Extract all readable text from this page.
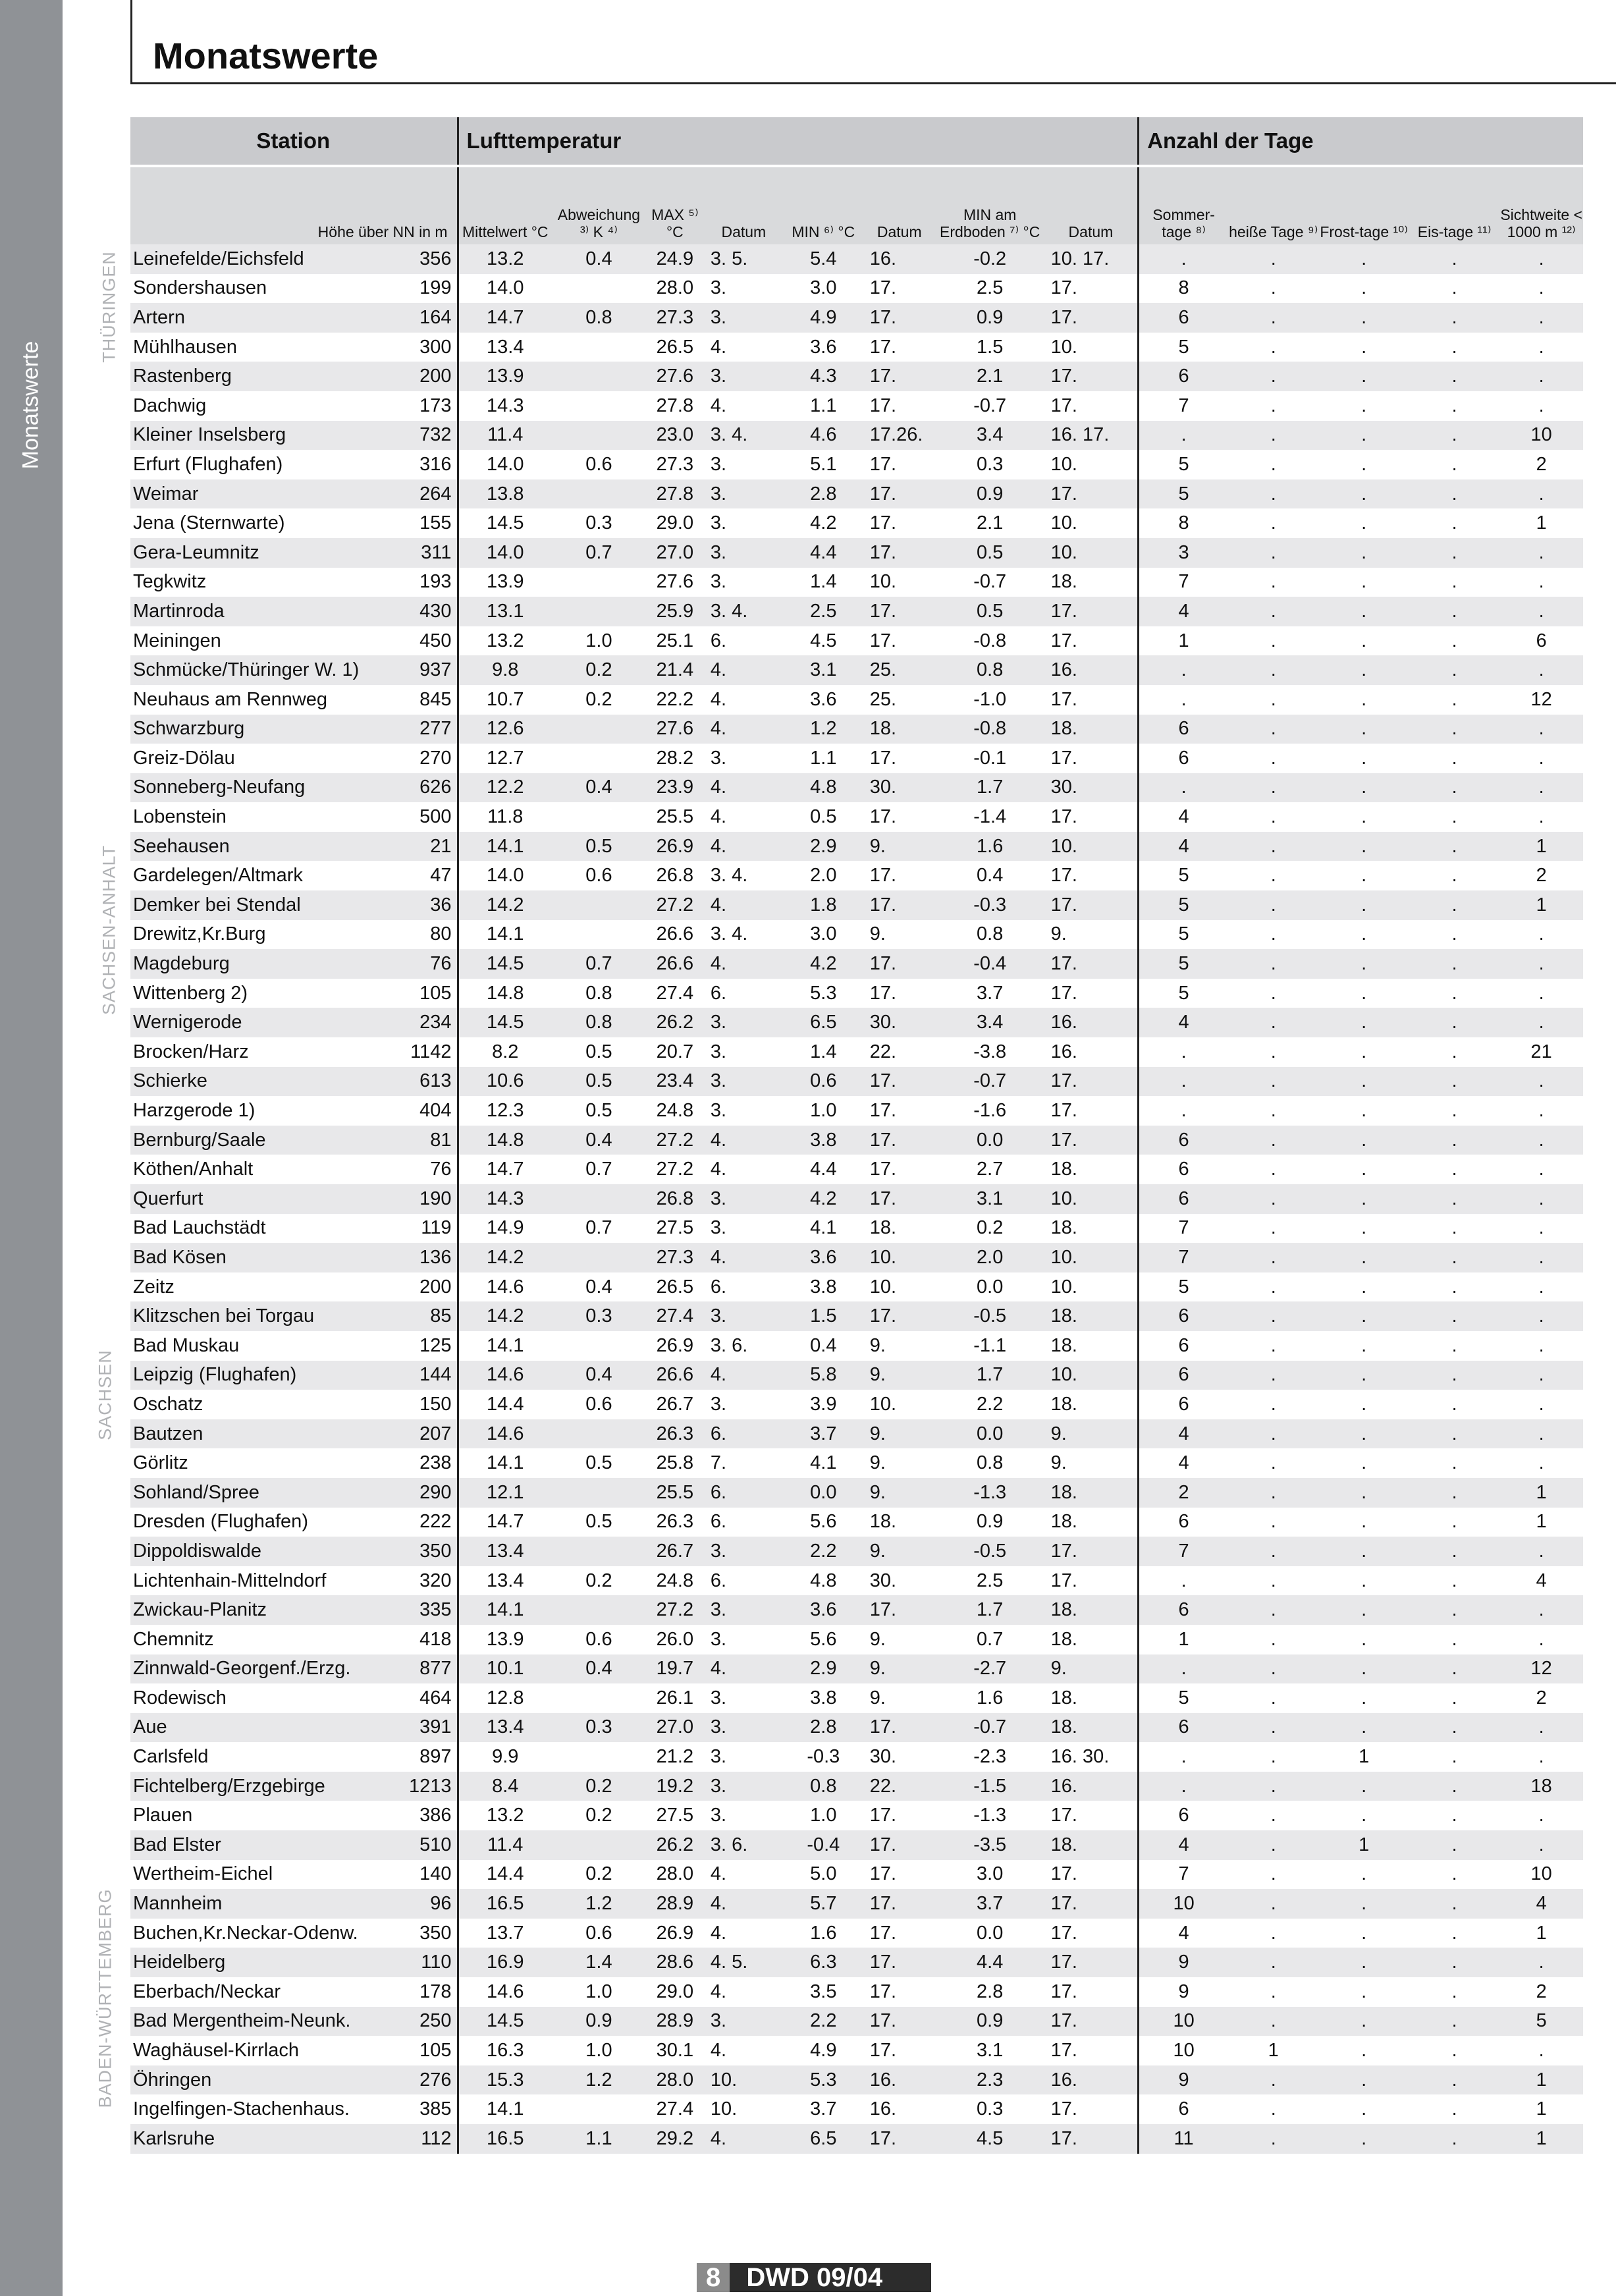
Monatswerte
Monatswerte
Station		Lufttemperatur								Anzahl der Tage				
Höhe über NN in m		Mittelwert °C	Abweichung ³⁾ K ⁴⁾	MAX ⁵⁾ °C	Datum	MIN ⁶⁾ °C	Datum	MIN am Erdboden ⁷⁾ °C	Datum	Sommer-tage ⁸⁾	heiße Tage ⁹⁾	Frost-tage ¹⁰⁾	Eis-tage ¹¹⁾	Sichtweite < 1000 m ¹²⁾
Leinefelde/Eichsfeld	356	13.2	0.4	24.9	3. 5.	5.4	16.	-0.2	10. 17.	.	.	.	.	.
Sondershausen	199	14.0		28.0	3.	3.0	17.	2.5	17.	8	.	.	.	.
Artern	164	14.7	0.8	27.3	3.	4.9	17.	0.9	17.	6	.	.	.	.
Mühlhausen	300	13.4		26.5	4.	3.6	17.	1.5	10.	5	.	.	.	.
Rastenberg	200	13.9		27.6	3.	4.3	17.	2.1	17.	6	.	.	.	.
Dachwig	173	14.3		27.8	4.	1.1	17.	-0.7	17.	7	.	.	.	.
Kleiner Inselsberg	732	11.4		23.0	3. 4.	4.6	17.26.	3.4	16. 17.	.	.	.	.	10
Erfurt (Flughafen)	316	14.0	0.6	27.3	3.	5.1	17.	0.3	10.	5	.	.	.	2
Weimar	264	13.8		27.8	3.	2.8	17.	0.9	17.	5	.	.	.	.
Jena (Sternwarte)	155	14.5	0.3	29.0	3.	4.2	17.	2.1	10.	8	.	.	.	1
Gera-Leumnitz	311	14.0	0.7	27.0	3.	4.4	17.	0.5	10.	3	.	.	.	.
Tegkwitz	193	13.9		27.6	3.	1.4	10.	-0.7	18.	7	.	.	.	.
Martinroda	430	13.1		25.9	3. 4.	2.5	17.	0.5	17.	4	.	.	.	.
Meiningen	450	13.2	1.0	25.1	6.	4.5	17.	-0.8	17.	1	.	.	.	6
Schmücke/Thüringer W. 1)	937	9.8	0.2	21.4	4.	3.1	25.	0.8	16.	.	.	.	.	.
Neuhaus am Rennweg	845	10.7	0.2	22.2	4.	3.6	25.	-1.0	17.	.	.	.	.	12
Schwarzburg	277	12.6		27.6	4.	1.2	18.	-0.8	18.	6	.	.	.	.
Greiz-Dölau	270	12.7		28.2	3.	1.1	17.	-0.1	17.	6	.	.	.	.
Sonneberg-Neufang	626	12.2	0.4	23.9	4.	4.8	30.	1.7	30.	.	.	.	.	.
Lobenstein	500	11.8		25.5	4.	0.5	17.	-1.4	17.	4	.	.	.	.
Seehausen	21	14.1	0.5	26.9	4.	2.9	9.	1.6	10.	4	.	.	.	1
Gardelegen/Altmark	47	14.0	0.6	26.8	3. 4.	2.0	17.	0.4	17.	5	.	.	.	2
Demker bei Stendal	36	14.2		27.2	4.	1.8	17.	-0.3	17.	5	.	.	.	1
Drewitz,Kr.Burg	80	14.1		26.6	3. 4.	3.0	9.	0.8	9.	5	.	.	.	.
Magdeburg	76	14.5	0.7	26.6	4.	4.2	17.	-0.4	17.	5	.	.	.	.
Wittenberg 2)	105	14.8	0.8	27.4	6.	5.3	17.	3.7	17.	5	.	.	.	.
Wernigerode	234	14.5	0.8	26.2	3.	6.5	30.	3.4	16.	4	.	.	.	.
Brocken/Harz	1142	8.2	0.5	20.7	3.	1.4	22.	-3.8	16.	.	.	.	.	21
Schierke	613	10.6	0.5	23.4	3.	0.6	17.	-0.7	17.	.	.	.	.	.
Harzgerode 1)	404	12.3	0.5	24.8	3.	1.0	17.	-1.6	17.	.	.	.	.	.
Bernburg/Saale	81	14.8	0.4	27.2	4.	3.8	17.	0.0	17.	6	.	.	.	.
Köthen/Anhalt	76	14.7	0.7	27.2	4.	4.4	17.	2.7	18.	6	.	.	.	.
Querfurt	190	14.3		26.8	3.	4.2	17.	3.1	10.	6	.	.	.	.
Bad Lauchstädt	119	14.9	0.7	27.5	3.	4.1	18.	0.2	18.	7	.	.	.	.
Bad Kösen	136	14.2		27.3	4.	3.6	10.	2.0	10.	7	.	.	.	.
Zeitz	200	14.6	0.4	26.5	6.	3.8	10.	0.0	10.	5	.	.	.	.
Klitzschen bei Torgau	85	14.2	0.3	27.4	3.	1.5	17.	-0.5	18.	6	.	.	.	.
Bad Muskau	125	14.1		26.9	3. 6.	0.4	9.	-1.1	18.	6	.	.	.	.
Leipzig (Flughafen)	144	14.6	0.4	26.6	4.	5.8	9.	1.7	10.	6	.	.	.	.
Oschatz	150	14.4	0.6	26.7	3.	3.9	10.	2.2	18.	6	.	.	.	.
Bautzen	207	14.6		26.3	6.	3.7	9.	0.0	9.	4	.	.	.	.
Görlitz	238	14.1	0.5	25.8	7.	4.1	9.	0.8	9.	4	.	.	.	.
Sohland/Spree	290	12.1		25.5	6.	0.0	9.	-1.3	18.	2	.	.	.	1
Dresden (Flughafen)	222	14.7	0.5	26.3	6.	5.6	18.	0.9	18.	6	.	.	.	1
Dippoldiswalde	350	13.4		26.7	3.	2.2	9.	-0.5	17.	7	.	.	.	.
Lichtenhain-Mittelndorf	320	13.4	0.2	24.8	6.	4.8	30.	2.5	17.	.	.	.	.	4
Zwickau-Planitz	335	14.1		27.2	3.	3.6	17.	1.7	18.	6	.	.	.	.
Chemnitz	418	13.9	0.6	26.0	3.	5.6	9.	0.7	18.	1	.	.	.	.
Zinnwald-Georgenf./Erzg.	877	10.1	0.4	19.7	4.	2.9	9.	-2.7	9.	.	.	.	.	12
Rodewisch	464	12.8		26.1	3.	3.8	9.	1.6	18.	5	.	.	.	2
Aue	391	13.4	0.3	27.0	3.	2.8	17.	-0.7	18.	6	.	.	.	.
Carlsfeld	897	9.9		21.2	3.	-0.3	30.	-2.3	16. 30.	.	.	1	.	.
Fichtelberg/Erzgebirge	1213	8.4	0.2	19.2	3.	0.8	22.	-1.5	16.	.	.	.	.	18
Plauen	386	13.2	0.2	27.5	3.	1.0	17.	-1.3	17.	6	.	.	.	.
Bad Elster	510	11.4		26.2	3. 6.	-0.4	17.	-3.5	18.	4	.	1	.	.
Wertheim-Eichel	140	14.4	0.2	28.0	4.	5.0	17.	3.0	17.	7	.	.	.	10
Mannheim	96	16.5	1.2	28.9	4.	5.7	17.	3.7	17.	10	.	.	.	4
Buchen,Kr.Neckar-Odenw.	350	13.7	0.6	26.9	4.	1.6	17.	0.0	17.	4	.	.	.	1
Heidelberg	110	16.9	1.4	28.6	4. 5.	6.3	17.	4.4	17.	9	.	.	.	.
Eberbach/Neckar	178	14.6	1.0	29.0	4.	3.5	17.	2.8	17.	9	.	.	.	2
Bad Mergentheim-Neunk.	250	14.5	0.9	28.9	3.	2.2	17.	0.9	17.	10	.	.	.	5
Waghäusel-Kirrlach	105	16.3	1.0	30.1	4.	4.9	17.	3.1	17.	10	1	.	.	.
Öhringen	276	15.3	1.2	28.0	10.	5.3	16.	2.3	16.	9	.	.	.	1
Ingelfingen-Stachenhaus.	385	14.1		27.4	10.	3.7	16.	0.3	17.	6	.	.	.	1
Karlsruhe	112	16.5	1.1	29.2	4.	6.5	17.	4.5	17.	11	.	.	.	1
THÜRINGEN
SACHSEN-ANHALT
SACHSEN
BADEN-WÜRTTEMBERG
8 DWD 09/04
